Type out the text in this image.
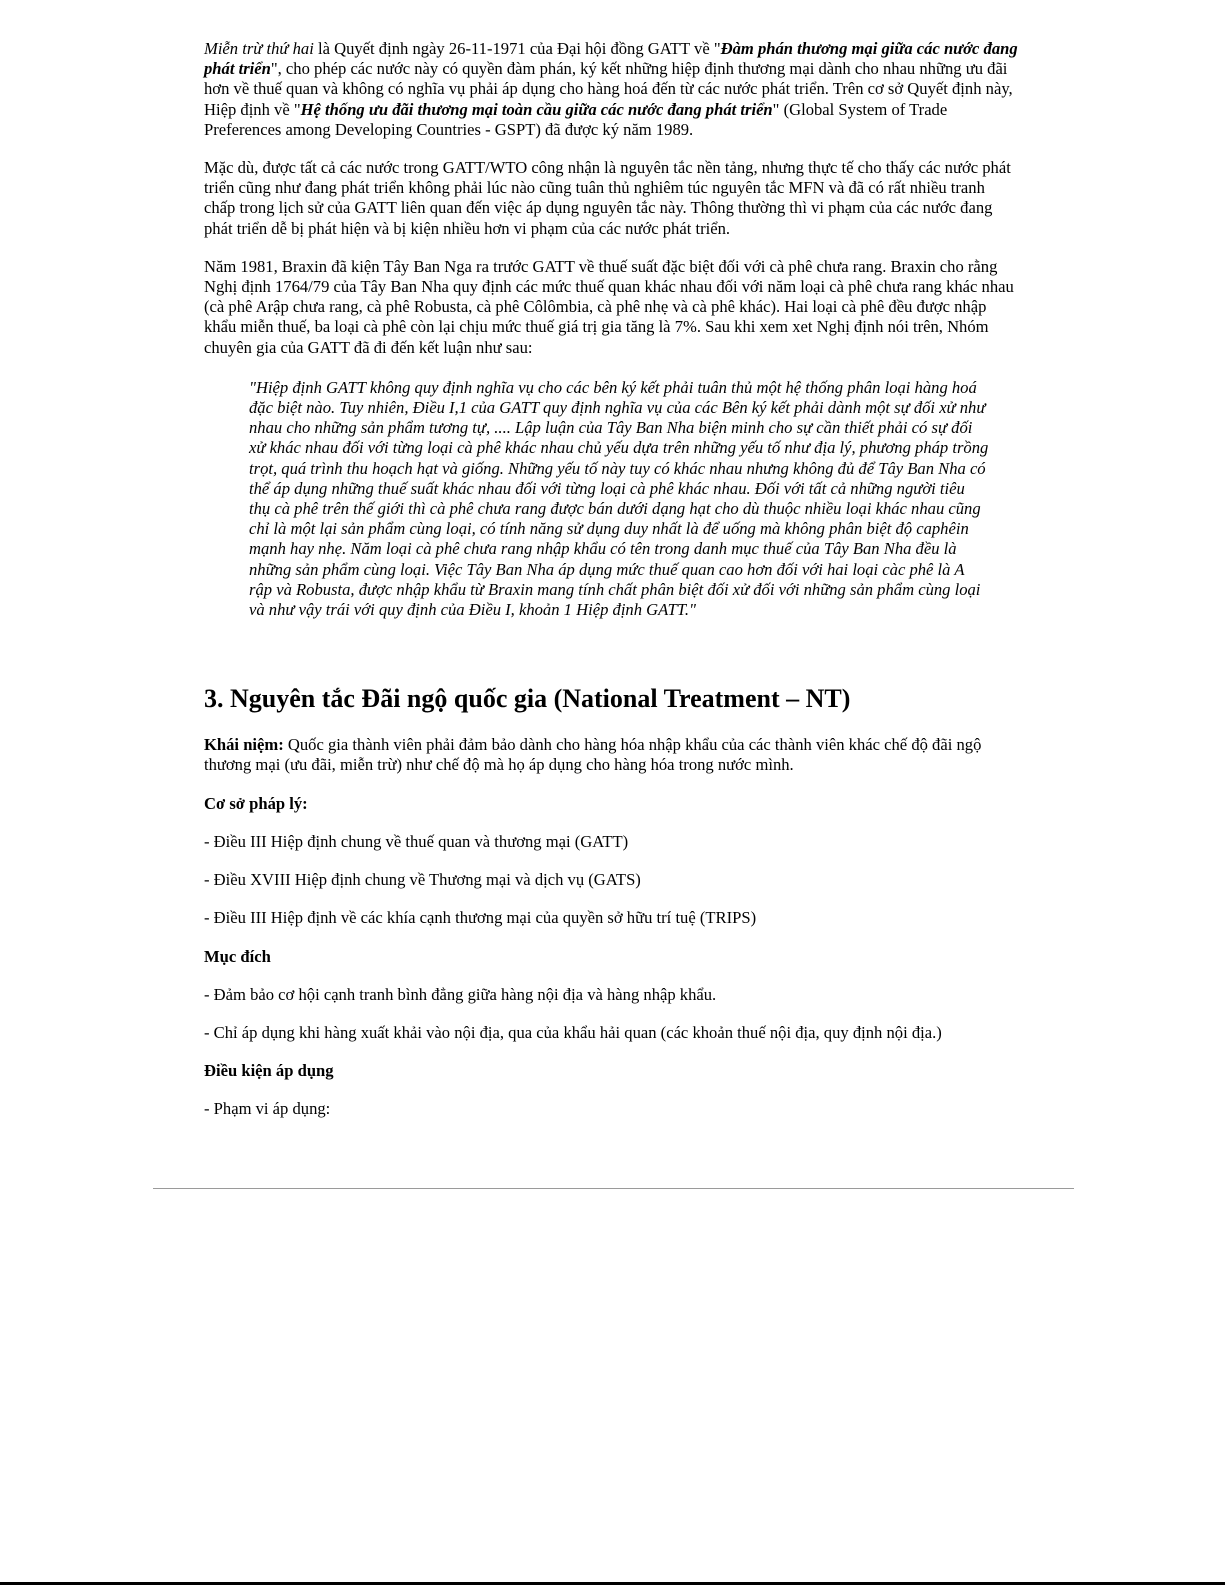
Miễn trừ thứ hai là Quyết định ngày 26-11-1971 của Đại hội đồng GATT về "Đàm phán thương mại giữa các nước đang phát triển", cho phép các nước này có quyền đàm phán, ký kết những hiệp định thương mại dành cho nhau những ưu đãi hơn về thuế quan và không có nghĩa vụ phải áp dụng cho hàng hoá đến từ các nước phát triển. Trên cơ sở Quyết định này, Hiệp định về "Hệ thống ưu đãi thương mại toàn cầu giữa các nước đang phát triển" (Global System of Trade Preferences among Developing Countries - GSPT) đã được ký năm 1989.

Mặc dù, được tất cả các nước trong GATT/WTO công nhận là nguyên tắc nền tảng, nhưng thực tế cho thấy các nước phát triển cũng như đang phát triển không phải lúc nào cũng tuân thủ nghiêm túc nguyên tắc MFN và đã có rất nhiều tranh chấp trong lịch sử của GATT liên quan đến việc áp dụng nguyên tắc này. Thông thường thì vi phạm của các nước đang phát triển dễ bị phát hiện và bị kiện nhiều hơn vi phạm của các nước phát triển.

Năm 1981, Braxin đã kiện Tây Ban Nga ra trước GATT về thuế suất đặc biệt đối với cà phê chưa rang. Braxin cho rằng Nghị định 1764/79 của Tây Ban Nha quy định các mức thuế quan khác nhau đối với năm loại cà phê chưa rang khác nhau (cà phê Arập chưa rang, cà phê Robusta, cà phê Côlômbia, cà phê nhẹ và cà phê khác). Hai loại cà phê đều được nhập khẩu miễn thuế, ba loại cà phê còn lại chịu mức thuế giá trị gia tăng là 7%. Sau khi xem xet Nghị định nói trên, Nhóm chuyên gia của GATT đã đi đến kết luận như sau:

"Hiệp định GATT không quy định nghĩa vụ cho các bên ký kết phải tuân thủ một hệ thống phân loại hàng hoá đặc biệt nào. Tuy nhiên, Điều I,1 của GATT quy định nghĩa vụ của các Bên ký kết phải dành một sự đối xử như nhau cho những sản phẩm tương tự, .... Lập luận của Tây Ban Nha biện minh cho sự cần thiết phải có sự đối xử khác nhau đối với từng loại cà phê khác nhau chủ yếu dựa trên những yếu tố như địa lý, phương pháp trồng trọt, quá trình thu hoạch hạt và giống. Những yếu tố này tuy có khác nhau nhưng không đủ để Tây Ban Nha có thể áp dụng những thuế suất khác nhau đối với từng loại cà phê khác nhau. Đối với tất cả những người tiêu thụ cà phê trên thế giới thì cà phê chưa rang được bán dưới dạng hạt cho dù thuộc nhiều loại khác nhau cũng chỉ là một lại sản phẩm cùng loại, có tính năng sử dụng duy nhất là để uống mà không phân biệt độ caphêin mạnh hay nhẹ. Năm loại cà phê chưa rang nhập khẩu có tên trong danh mục thuế của Tây Ban Nha đều là những sản phẩm cùng loại. Việc Tây Ban Nha áp dụng mức thuế quan cao hơn đối với hai loại càc phê là A rập và Robusta, được nhập khẩu từ Braxin mang tính chất phân biệt đối xử đối với những sản phẩm cùng loại và như vậy trái với quy định của Điều I, khoản 1 Hiệp định GATT."

3. Nguyên tắc Đãi ngộ quốc gia (National Treatment – NT)

Khái niệm: Quốc gia thành viên phải đảm bảo dành cho hàng hóa nhập khẩu của các thành viên khác chế độ đãi ngộ thương mại (ưu đãi, miễn trừ) như chế độ mà họ áp dụng cho hàng hóa trong nước mình.

Cơ sở pháp lý:

- Điều III Hiệp định chung về thuế quan và thương mại (GATT)

- Điều XVIII Hiệp định chung về Thương mại và dịch vụ (GATS)

- Điều III Hiệp định về các khía cạnh thương mại của quyền sở hữu trí tuệ (TRIPS)

Mục đích

- Đảm bảo cơ hội cạnh tranh bình đẳng giữa hàng nội địa và hàng nhập khẩu.

- Chỉ áp dụng khi hàng xuất khải vào nội địa, qua của khẩu hải quan (các khoản thuế nội địa, quy định nội địa.)

Điều kiện áp dụng

- Phạm vi áp dụng:
